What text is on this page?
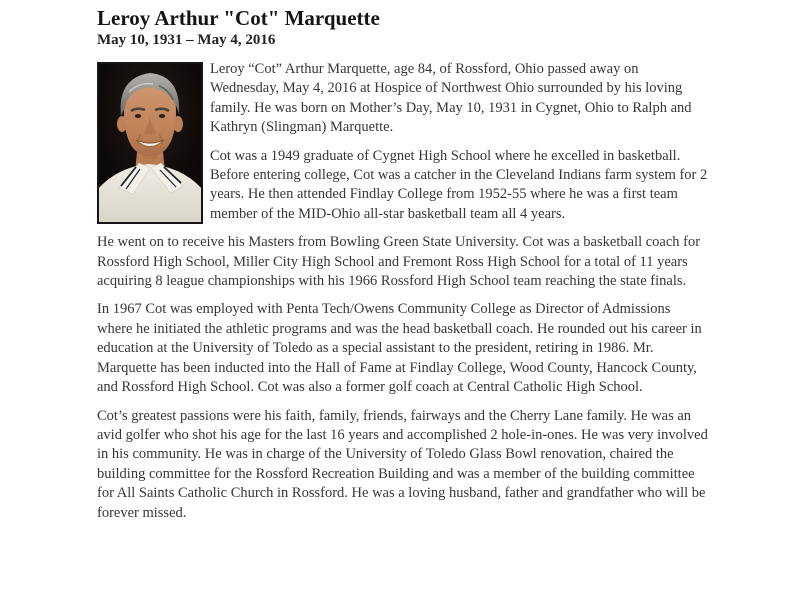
Leroy Arthur "Cot" Marquette
May 10, 1931 – May 4, 2016

Leroy “Cot” Arthur Marquette, age 84, of Rossford, Ohio passed away on Wednesday, May 4, 2016 at Hospice of Northwest Ohio surrounded by his loving family. He was born on Mother’s Day, May 10, 1931 in Cygnet, Ohio to Ralph and Kathryn (Slingman) Marquette.

Cot was a 1949 graduate of Cygnet High School where he excelled in basketball. Before entering college, Cot was a catcher in the Cleveland Indians farm system for 2 years. He then attended Findlay College from 1952-55 where he was a first team member of the MID-Ohio all-star basketball team all 4 years.

He went on to receive his Masters from Bowling Green State University. Cot was a basketball coach for Rossford High School, Miller City High School and Fremont Ross High School for a total of 11 years acquiring 8 league championships with his 1966 Rossford High School team reaching the state finals.

In 1967 Cot was employed with Penta Tech/Owens Community College as Director of Admissions where he initiated the athletic programs and was the head basketball coach. He rounded out his career in education at the University of Toledo as a special assistant to the president, retiring in 1986. Mr. Marquette has been inducted into the Hall of Fame at Findlay College, Wood County, Hancock County, and Rossford High School. Cot was also a former golf coach at Central Catholic High School.

Cot’s greatest passions were his faith, family, friends, fairways and the Cherry Lane family. He was an avid golfer who shot his age for the last 16 years and accomplished 2 hole-in-ones. He was very involved in his community. He was in charge of the University of Toledo Glass Bowl renovation, chaired the building committee for the Rossford Recreation Building and was a member of the building committee for All Saints Catholic Church in Rossford. He was a loving husband, father and grandfather who will be forever missed.
